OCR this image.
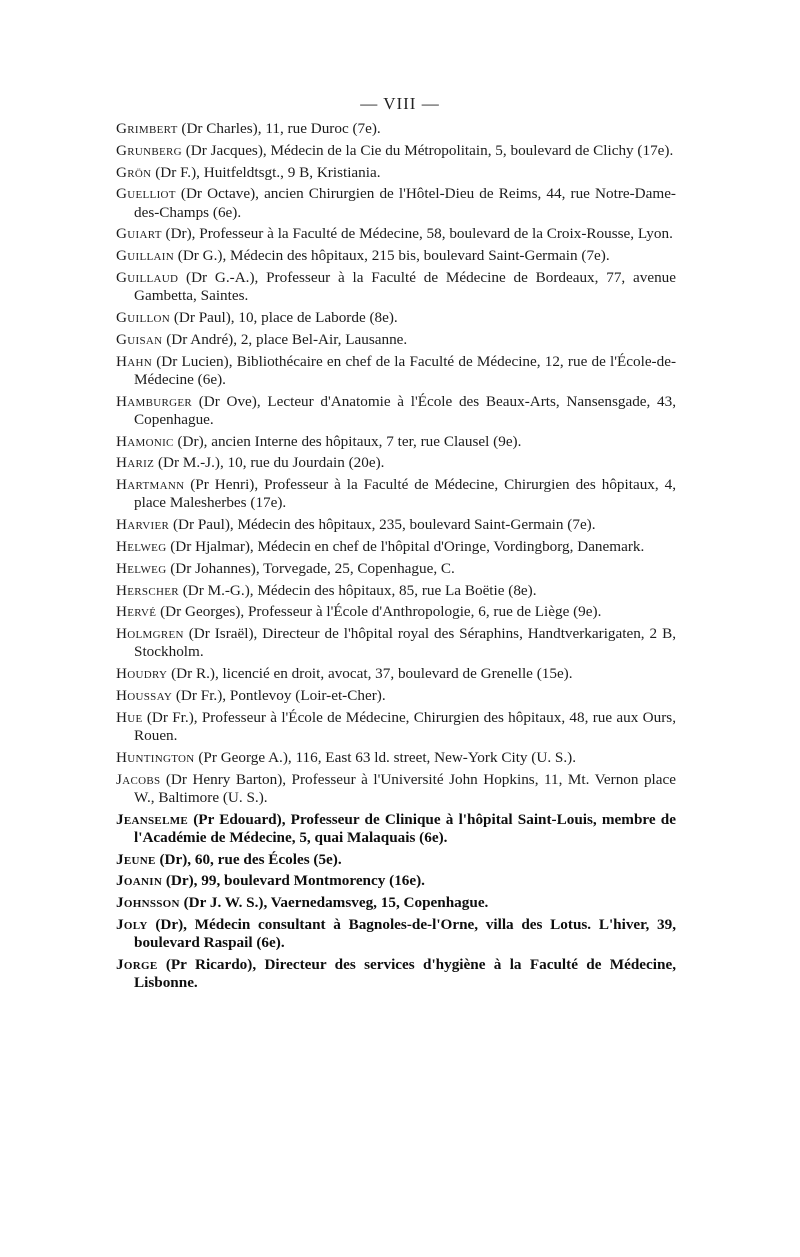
— VIII —

Grimbert (Dr Charles), 11, rue Duroc (7e).

Grunberg (Dr Jacques), Médecin de la Cie du Métropolitain, 5, boulevard de Clichy (17e).

Grön (Dr F.), Huitfeldtsgt., 9 B, Kristiania.

Guelliot (Dr Octave), ancien Chirurgien de l'Hôtel-Dieu de Reims, 44, rue Notre-Dame-des-Champs (6e).

Guiart (Dr), Professeur à la Faculté de Médecine, 58, boulevard de la Croix-Rousse, Lyon.

Guillain (Dr G.), Médecin des hôpitaux, 215 bis, boulevard Saint-Germain (7e).

Guillaud (Dr G.-A.), Professeur à la Faculté de Médecine de Bordeaux, 77, avenue Gambetta, Saintes.

Guillon (Dr Paul), 10, place de Laborde (8e).

Guisan (Dr André), 2, place Bel-Air, Lausanne.

Hahn (Dr Lucien), Bibliothécaire en chef de la Faculté de Médecine, 12, rue de l'École-de-Médecine (6e).

Hamburger (Dr Ove), Lecteur d'Anatomie à l'École des Beaux-Arts, Nansensgade, 43, Copenhague.

Hamonic (Dr), ancien Interne des hôpitaux, 7 ter, rue Clausel (9e).

Hariz (Dr M.-J.), 10, rue du Jourdain (20e).

Hartmann (Pr Henri), Professeur à la Faculté de Médecine, Chirurgien des hôpitaux, 4, place Malesherbes (17e).

Harvier (Dr Paul), Médecin des hôpitaux, 235, boulevard Saint-Germain (7e).

Helweg (Dr Hjalmar), Médecin en chef de l'hôpital d'Oringe, Vordingborg, Danemark.

Helweg (Dr Johannes), Torvegade, 25, Copenhague, C.

Herscher (Dr M.-G.), Médecin des hôpitaux, 85, rue La Boëtie (8e).

Hervé (Dr Georges), Professeur à l'École d'Anthropologie, 6, rue de Liège (9e).

Holmgren (Dr Israël), Directeur de l'hôpital royal des Séraphins, Handtverkarigaten, 2 B, Stockholm.

Houdry (Dr R.), licencié en droit, avocat, 37, boulevard de Grenelle (15e).

Houssay (Dr Fr.), Pontlevoy (Loir-et-Cher).

Hue (Dr Fr.), Professeur à l'École de Médecine, Chirurgien des hôpitaux, 48, rue aux Ours, Rouen.

Huntington (Pr George A.), 116, East 63 ld. street, New-York City (U. S.).

Jacobs (Dr Henry Barton), Professeur à l'Université John Hopkins, 11, Mt. Vernon place W., Baltimore (U. S.).

Jeanselme (Pr Edouard), Professeur de Clinique à l'hôpital Saint-Louis, membre de l'Académie de Médecine, 5, quai Malaquais (6e).

Jeune (Dr), 60, rue des Écoles (5e).

Joanin (Dr), 99, boulevard Montmorency (16e).

Johnsson (Dr J. W. S.), Vaernedamsveg, 15, Copenhague.

Joly (Dr), Médecin consultant à Bagnoles-de-l'Orne, villa des Lotus. L'hiver, 39, boulevard Raspail (6e).

Jorge (Pr Ricardo), Directeur des services d'hygiène à la Faculté de Médecine, Lisbonne.
